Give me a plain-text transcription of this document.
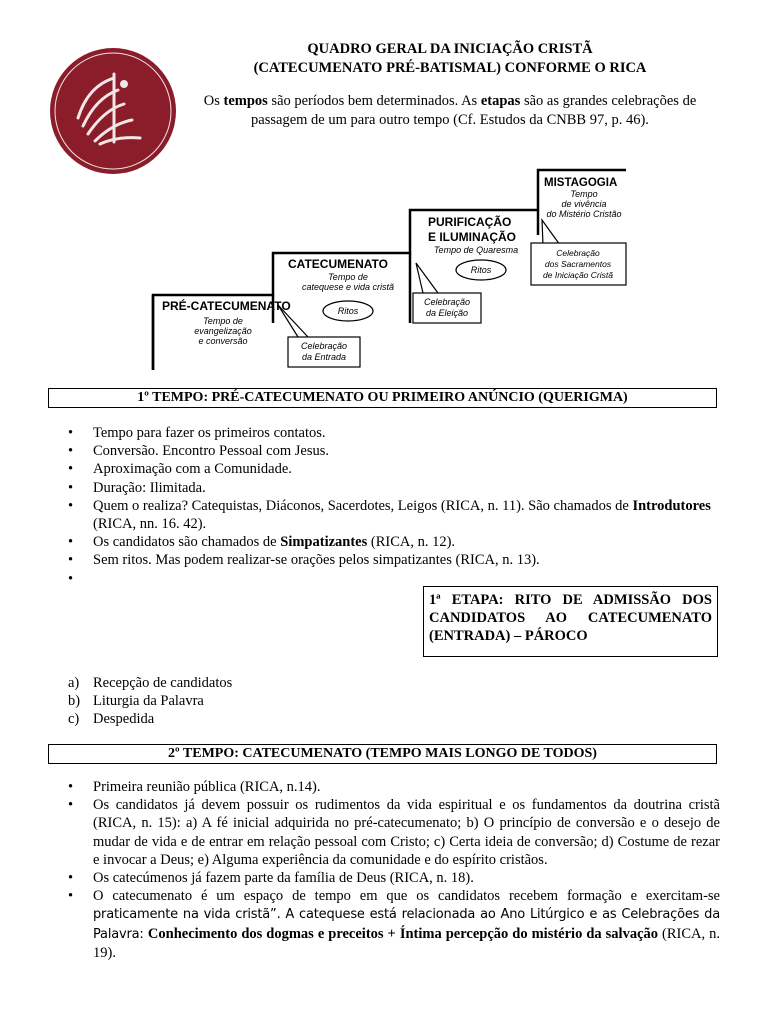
QUADRO GERAL DA INICIAÇÃO CRISTÃ
(CATECUMENATO PRÉ-BATISMAL) CONFORME O RICA
Os tempos são períodos bem determinados. As etapas são as grandes celebrações de passagem de um para outro tempo (Cf. Estudos da CNBB 97, p. 46).
PRÉ-CATECUMENATO
Tempo de
evangelização
e conversão
CATECUMENATO
Tempo de
catequese e vida cristã
PURIFICAÇÃO
E ILUMINAÇÃO
Tempo de Quaresma
MISTAGOGIA
Tempo
de vivência
do Mistério Cristão
Ritos
Ritos
Celebração
da Entrada
Celebração
da Eleição
Celebração
dos Sacramentos
de Iniciação Cristã
1º TEMPO: PRÉ-CATECUMENATO OU PRIMEIRO ANÚNCIO (QUERIGMA)
• Tempo para fazer os primeiros contatos.
• Conversão. Encontro Pessoal com Jesus.
• Aproximação com a Comunidade.
• Duração: Ilimitada.
• Quem o realiza? Catequistas, Diáconos, Sacerdotes, Leigos (RICA, n. 11). São chamados de Introdutores (RICA, nn. 16. 42).
• Os candidatos são chamados de Simpatizantes (RICA, n. 12).
• Sem ritos. Mas podem realizar-se orações pelos simpatizantes (RICA, n. 13).
•

1ª ETAPA: RITO DE ADMISSÃO DOS CANDIDATOS AO CATECUMENATO (ENTRADA) – PÁROCO
a) Recepção de candidatos
b) Liturgia da Palavra
c) Despedida
2º TEMPO: CATECUMENATO (TEMPO MAIS LONGO DE TODOS)
• Primeira reunião pública (RICA, n.14).
• Os candidatos já devem possuir os rudimentos da vida espiritual e os fundamentos da doutrina cristã (RICA, n. 15): a) A fé inicial adquirida no pré-catecumenato; b) O princípio de conversão e o desejo de mudar de vida e de entrar em relação pessoal com Cristo; c) Certa ideia de conversão; d) Costume de rezar e invocar a Deus; e) Alguma experiência da comunidade e do espírito cristãos.
• Os catecúmenos já fazem parte da família de Deus (RICA, n. 18).
• O catecumenato é um espaço de tempo em que os candidatos recebem formação e exercitam-se praticamente na vida cristã”. A catequese está relacionada ao Ano Litúrgico e as Celebrações da Palavra: Conhecimento dos dogmas e preceitos + Íntima percepção do mistério da salvação (RICA, n. 19).
